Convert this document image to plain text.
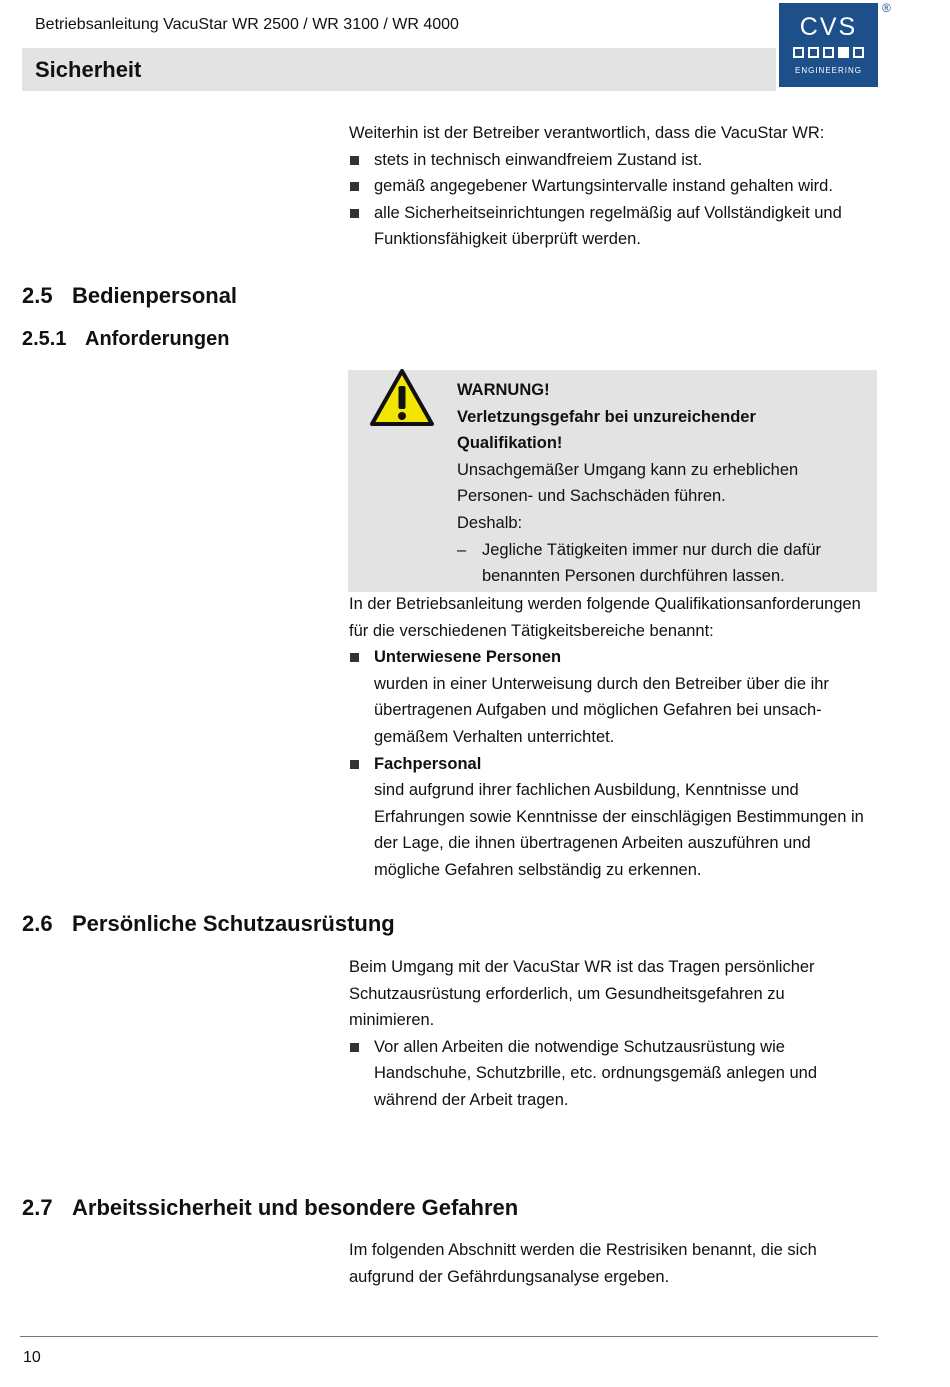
Betriebsanleitung VacuStar WR 2500 / WR 3100 / WR 4000
Sicherheit
CVS
ENGINEERING
®
Weiterhin ist der Betreiber verantwortlich, dass die VacuStar WR:
stets in technisch einwandfreiem Zustand ist.
gemäß angegebener Wartungsintervalle instand gehalten wird.
alle Sicherheitseinrichtungen regelmäßig auf Vollständigkeit und Funktionsfähigkeit überprüft werden.
2.5 Bedienpersonal
2.5.1 Anforderungen
WARNUNG!
Verletzungsgefahr bei unzureichender Qualifikation!
Unsachgemäßer Umgang kann zu erheblichen Personen- und Sachschäden führen.
Deshalb:
– Jegliche Tätigkeiten immer nur durch die dafür benannten Personen durchführen lassen.
In der Betriebsanleitung werden folgende Qualifikationsanforderungen für die verschiedenen Tätigkeitsbereiche benannt:
Unterwiesene Personen
wurden in einer Unterweisung durch den Betreiber über die ihr übertragenen Aufgaben und möglichen Gefahren bei unsachgemäßem Verhalten unterrichtet.
Fachpersonal
sind aufgrund ihrer fachlichen Ausbildung, Kenntnisse und Erfahrungen sowie Kenntnisse der einschlägigen Bestimmungen in der Lage, die ihnen übertragenen Arbeiten auszuführen und mögliche Gefahren selbständig zu erkennen.
2.6 Persönliche Schutzausrüstung
Beim Umgang mit der VacuStar WR ist das Tragen persönlicher Schutzausrüstung erforderlich, um Gesundheitsgefahren zu minimieren.
Vor allen Arbeiten die notwendige Schutzausrüstung wie Handschuhe, Schutzbrille, etc. ordnungsgemäß anlegen und während der Arbeit tragen.
2.7 Arbeitssicherheit und besondere Gefahren
Im folgenden Abschnitt werden die Restrisiken benannt, die sich aufgrund der Gefährdungsanalyse ergeben.
10
